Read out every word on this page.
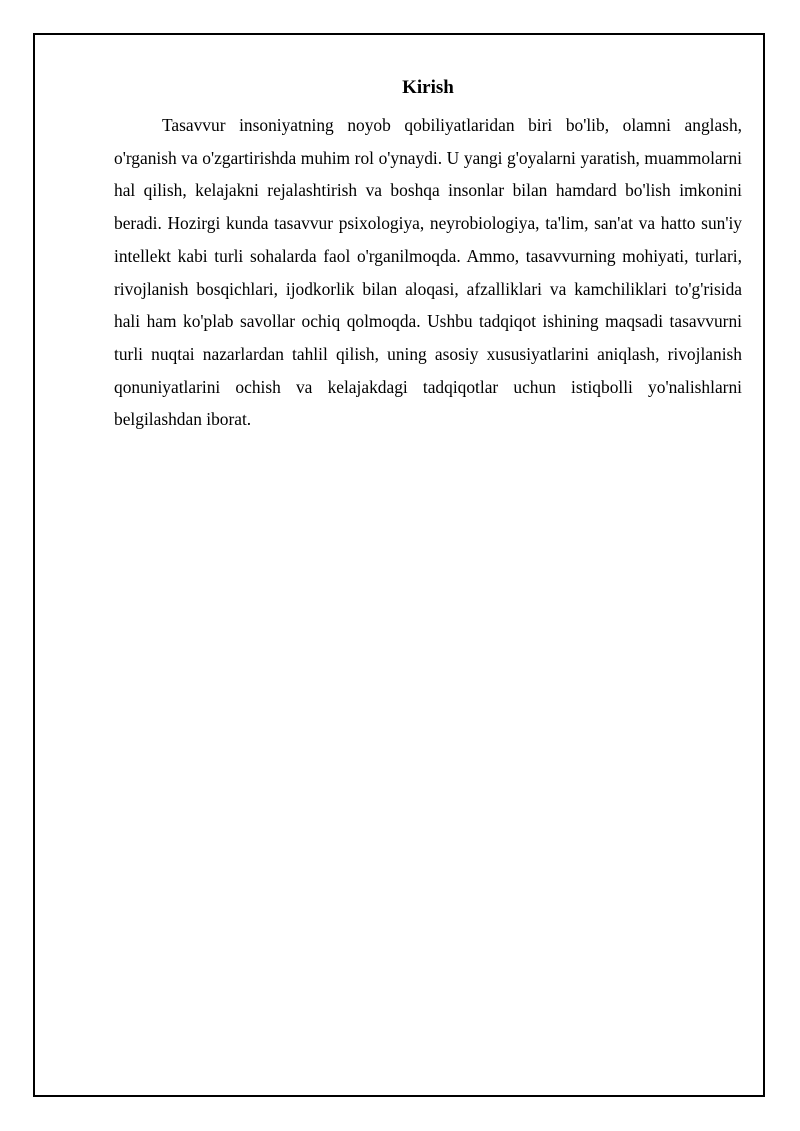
Kirish

Tasavvur insoniyatning noyob qobiliyatlaridan biri bo'lib, olamni anglash, o'rganish va o'zgartirishda muhim rol o'ynaydi. U yangi g'oyalarni yaratish, muammolarni hal qilish, kelajakni rejalashtirish va boshqa insonlar bilan hamdard bo'lish imkonini beradi. Hozirgi kunda tasavvur psixologiya, neyrobiologiya, ta'lim, san'at va hatto sun'iy intellekt kabi turli sohalarda faol o'rganilmoqda. Ammo, tasavvurning mohiyati, turlari, rivojlanish bosqichlari, ijodkorlik bilan aloqasi, afzalliklari va kamchiliklari to'g'risida hali ham ko'plab savollar ochiq qolmoqda. Ushbu tadqiqot ishining maqsadi tasavvurni turli nuqtai nazarlardan tahlil qilish, uning asosiy xususiyatlarini aniqlash, rivojlanish qonuniyatlarini ochish va kelajakdagi tadqiqotlar uchun istiqbolli yo'nalishlarni belgilashdan iborat.
